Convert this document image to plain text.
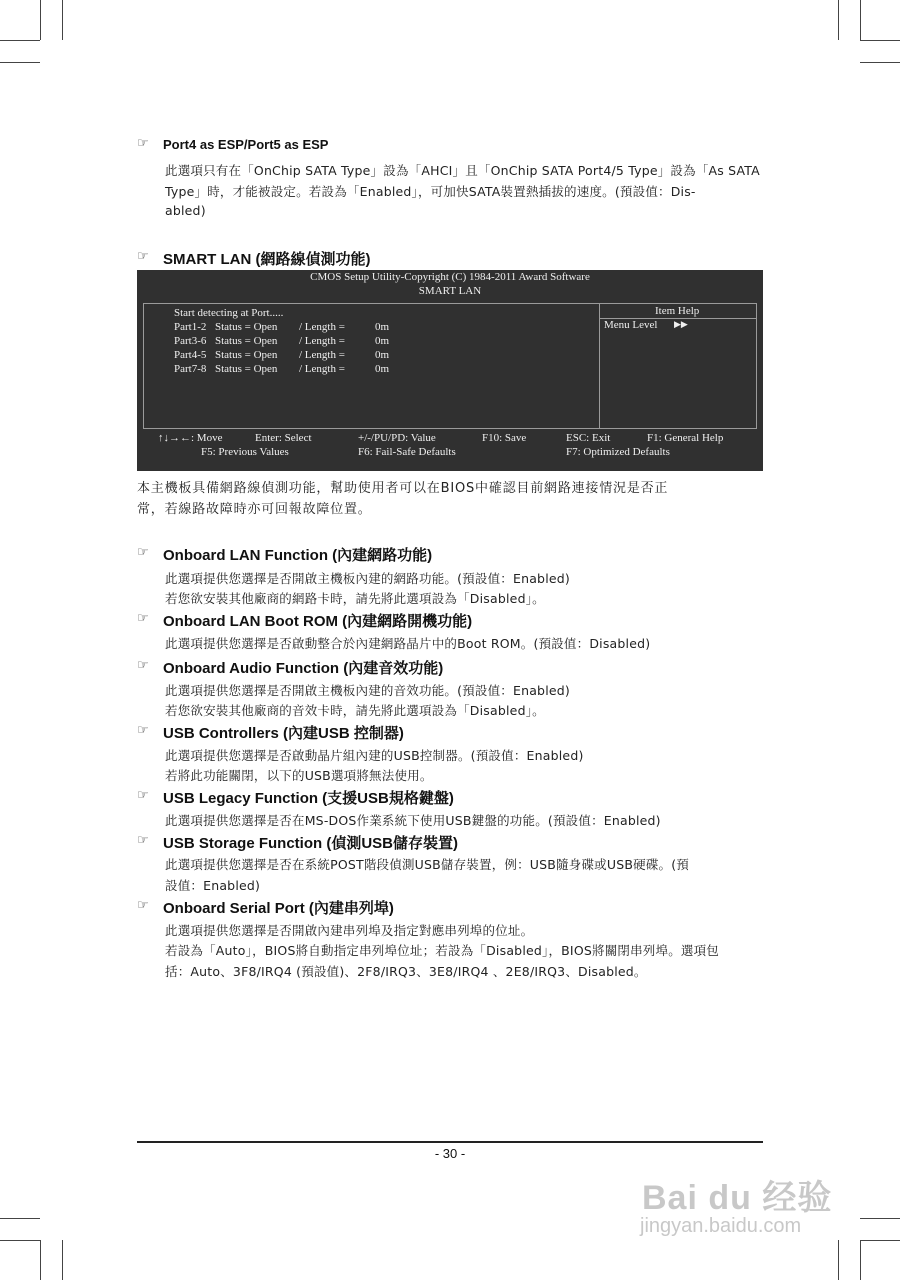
☞ Port4 as ESP/Port5 as ESP
此選項只有在「OnChip SATA Type」設為「AHCI」且「OnChip SATA Port4/5 Type」設為「As SATA
Type」時，才能被設定。若設為「Enabled」，可加快SATA裝置熱插拔的速度。(預設值：Dis-
abled)
☞ SMART LAN (網路線偵測功能)
CMOS Setup Utility-Copyright (C) 1984-2011 Award Software
SMART LAN
Start detecting at Port.....
Part1-2 Status = Open / Length =	0m
Part3-6 Status = Open / Length =	0m
Part4-5 Status = Open / Length =	0m
Part7-8 Status = Open / Length =	0m
Item Help
Menu Level ▶▶
↑↓→←: Move	Enter: Select	+/-/PU/PD: Value	F10: Save	ESC: Exit	F1: General Help
F5: Previous Values	F6: Fail-Safe Defaults	F7: Optimized Defaults
本主機板具備網路線偵測功能，幫助使用者可以在BIOS中確認目前網路連接情況是否正
常，若線路故障時亦可回報故障位置。
☞ Onboard LAN Function (內建網路功能)
此選項提供您選擇是否開啟主機板內建的網路功能。(預設值：Enabled)
若您欲安裝其他廠商的網路卡時，請先將此選項設為「Disabled」。
☞ Onboard LAN Boot ROM (內建網路開機功能)
此選項提供您選擇是否啟動整合於內建網路晶片中的Boot ROM。(預設值：Disabled)
☞ Onboard Audio Function (內建音效功能)
此選項提供您選擇是否開啟主機板內建的音效功能。(預設值：Enabled)
若您欲安裝其他廠商的音效卡時，請先將此選項設為「Disabled」。
☞ USB Controllers (內建USB 控制器)
此選項提供您選擇是否啟動晶片組內建的USB控制器。(預設值：Enabled)
若將此功能關閉，以下的USB選項將無法使用。
☞ USB Legacy Function (支援USB規格鍵盤)
此選項提供您選擇是否在MS-DOS作業系統下使用USB鍵盤的功能。(預設值：Enabled)
☞ USB Storage Function (偵測USB儲存裝置)
此選項提供您選擇是否在系統POST階段偵測USB儲存裝置，例：USB隨身碟或USB硬碟。(預
設值：Enabled)
☞ Onboard Serial Port (內建串列埠)
此選項提供您選擇是否開啟內建串列埠及指定對應串列埠的位址。
若設為「Auto」，BIOS將自動指定串列埠位址；若設為「Disabled」，BIOS將關閉串列埠。選項包
括：Auto、3F8/IRQ4 (預設值)、2F8/IRQ3、3E8/IRQ4 、2E8/IRQ3、Disabled。
- 30 -
Bai du 经验
jingyan.baidu.com
